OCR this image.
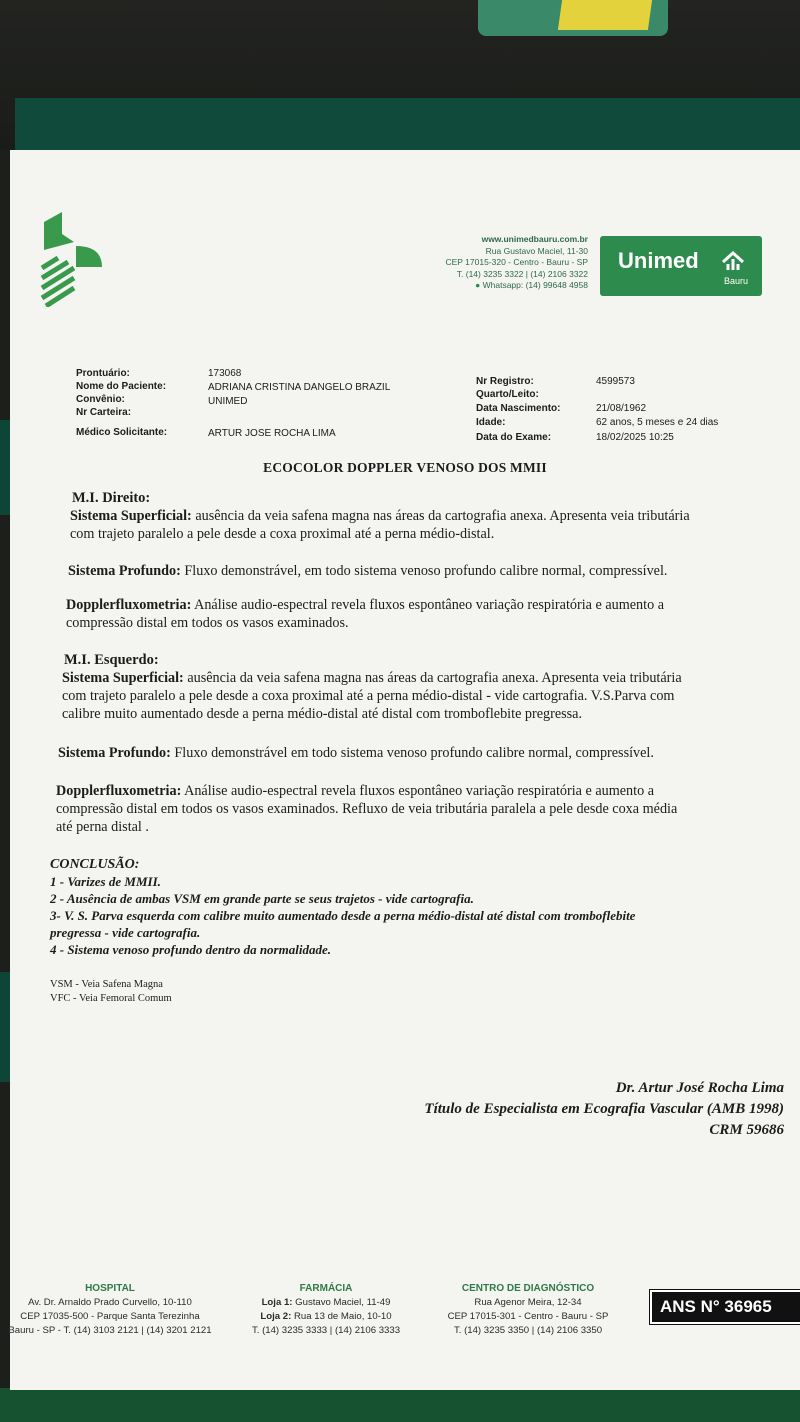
www.unimedbauru.com.br
Rua Gustavo Maciel, 11-30
CEP 17015-320 - Centro - Bauru - SP
T. (14) 3235 3322 | (14) 2106 3322
● Whatsapp: (14) 99648 4958
Unimed
Bauru
Prontuário:	173068
Nome do Paciente:	ADRIANA CRISTINA DANGELO BRAZIL
Convênio:	UNIMED
Nr Carteira:
Médico Solicitante:	ARTUR JOSE ROCHA LIMA
Nr Registro:	4599573
Quarto/Leito:
Data Nascimento:	21/08/1962
Idade:	62 anos, 5 meses e 24 dias
Data do Exame:	18/02/2025 10:25
ECOCOLOR DOPPLER VENOSO DOS MMII
M.I. Direito:
Sistema Superficial: ausência da veia safena magna nas áreas da cartografia anexa. Apresenta veia tributária
com trajeto paralelo a pele desde a coxa proximal até a perna médio-distal.
Sistema Profundo: Fluxo demonstrável, em todo sistema venoso profundo calibre normal, compressível.
Dopplerfluxometria: Análise audio-espectral revela fluxos espontâneo variação respiratória e aumento a
compressão distal em todos os vasos examinados.
M.I. Esquerdo:
Sistema Superficial: ausência da veia safena magna nas áreas da cartografia anexa. Apresenta veia tributária
com trajeto paralelo a pele desde a coxa proximal até a perna médio-distal - vide cartografia. V.S.Parva com
calibre muito aumentado desde a perna médio-distal até distal com tromboflebite pregressa.
Sistema Profundo: Fluxo demonstrável em todo sistema venoso profundo calibre normal, compressível.
Dopplerfluxometria: Análise audio-espectral revela fluxos espontâneo variação respiratória e aumento a
compressão distal em todos os vasos examinados. Refluxo de veia tributária paralela a pele desde coxa média
até perna distal .
CONCLUSÃO:
1 - Varizes de MMII.
2 - Ausência de ambas VSM em grande parte se seus trajetos - vide cartografia.
3- V. S. Parva esquerda com calibre muito aumentado desde a perna médio-distal até distal com tromboflebite
pregressa - vide cartografia.
4 - Sistema venoso profundo dentro da normalidade.
VSM - Veia Safena Magna
VFC - Veia Femoral Comum
Dr. Artur José Rocha Lima
Título de Especialista em Ecografia Vascular (AMB 1998)
CRM 59686
HOSPITAL
Av. Dr. Arnaldo Prado Curvello, 10-110
CEP 17035-500 - Parque Santa Terezinha
Bauru - SP - T. (14) 3103 2121 | (14) 3201 2121
FARMÁCIA
Loja 1: Gustavo Maciel, 11-49
Loja 2: Rua 13 de Maio, 10-10
T. (14) 3235 3333 | (14) 2106 3333
CENTRO DE DIAGNÓSTICO
Rua Agenor Meira, 12-34
CEP 17015-301 - Centro - Bauru - SP
T. (14) 3235 3350 | (14) 2106 3350
ANS N° 36965
